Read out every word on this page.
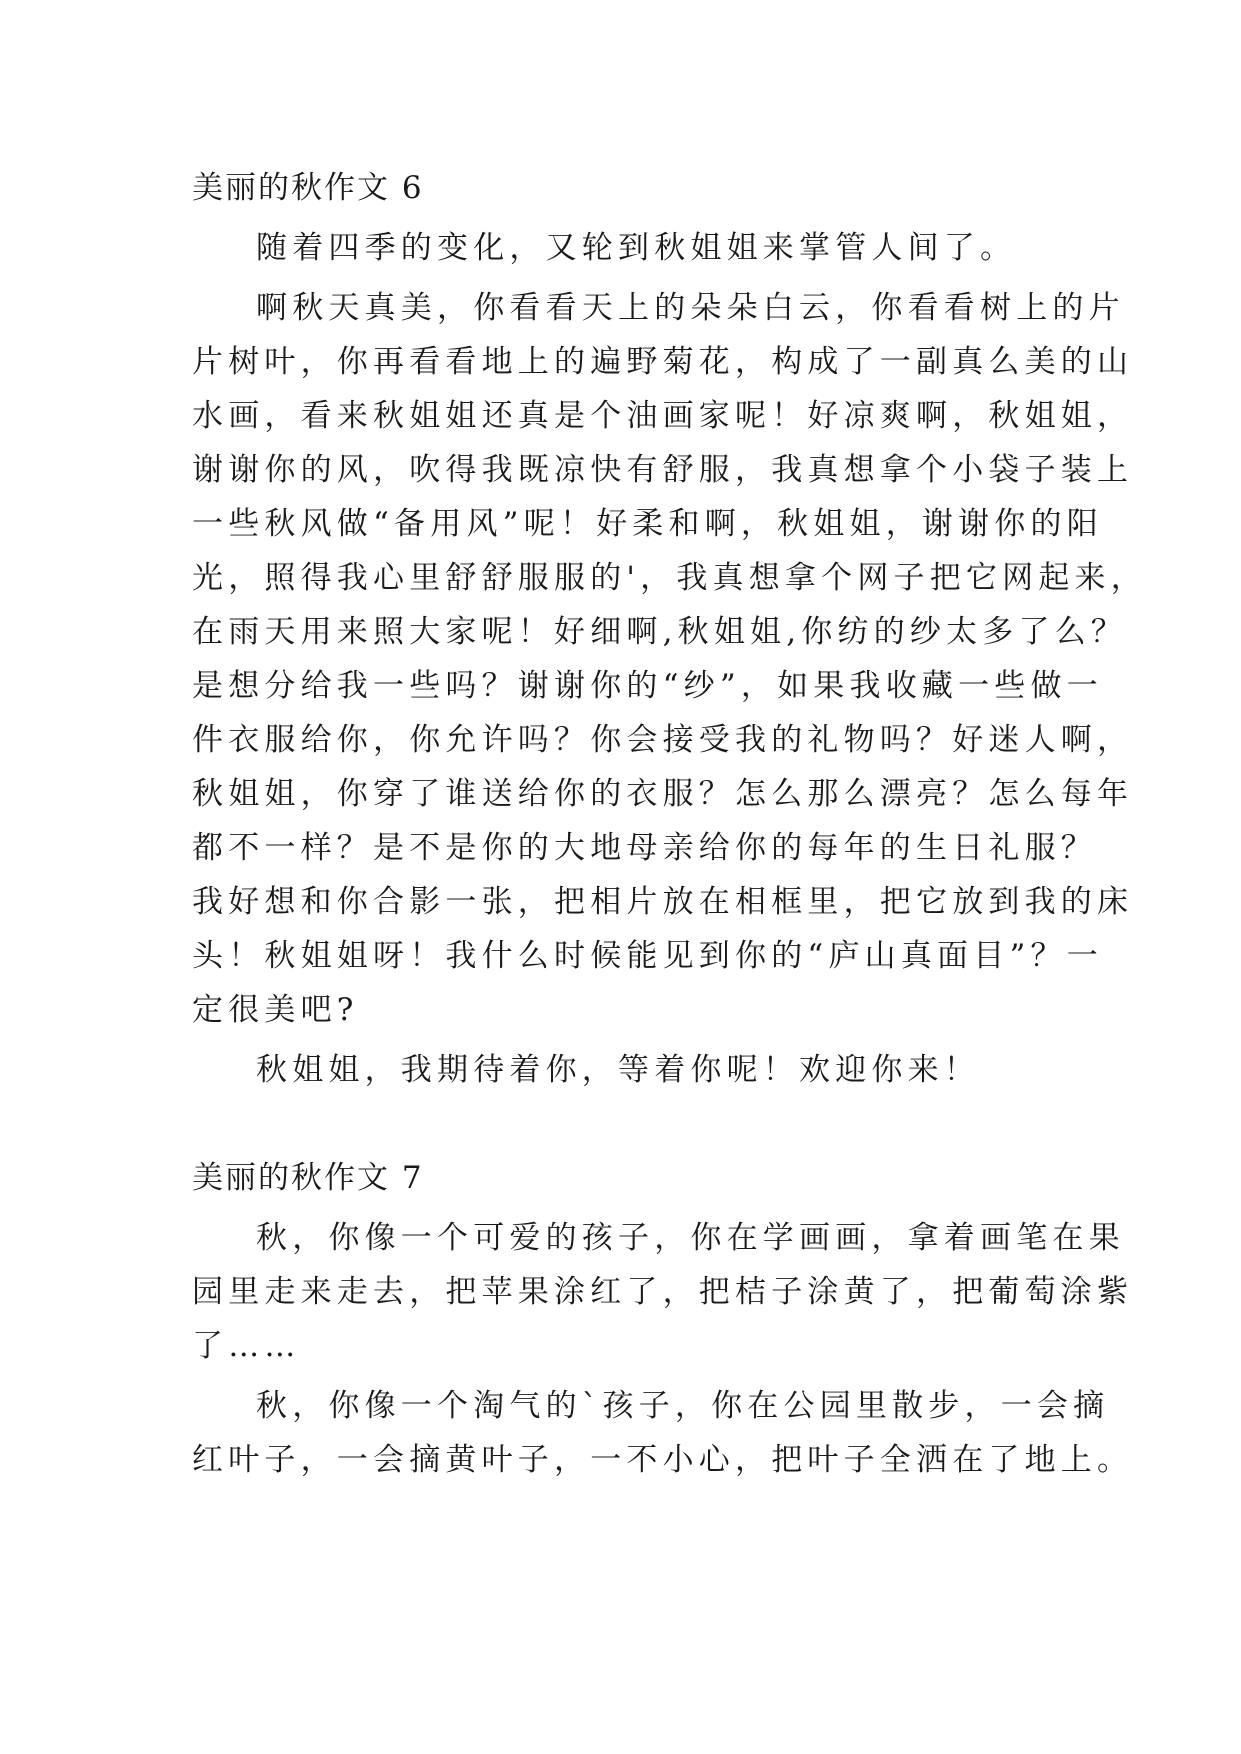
美丽的秋作文 6
随着四季的变化，又轮到秋姐姐来掌管人间了。
啊秋天真美，你看看天上的朵朵白云，你看看树上的片
片树叶，你再看看地上的遍野菊花，构成了一副真么美的山
水画，看来秋姐姐还真是个油画家呢！好凉爽啊，秋姐姐，
谢谢你的风，吹得我既凉快有舒服，我真想拿个小袋子装上
一些秋风做“备用风”呢！好柔和啊，秋姐姐，谢谢你的阳
光，照得我心里舒舒服服的'，我真想拿个网子把它网起来，
在雨天用来照大家呢！好细啊,秋姐姐,你纺的纱太多了么？
是想分给我一些吗？谢谢你的“纱”，如果我收藏一些做一
件衣服给你，你允许吗？你会接受我的礼物吗？好迷人啊，
秋姐姐，你穿了谁送给你的衣服？怎么那么漂亮？怎么每年
都不一样？是不是你的大地母亲给你的每年的生日礼服？
我好想和你合影一张，把相片放在相框里，把它放到我的床
头！秋姐姐呀！我什么时候能见到你的“庐山真面目”？一
定很美吧?
秋姐姐，我期待着你，等着你呢！欢迎你来！
美丽的秋作文 7
秋，你像一个可爱的孩子，你在学画画，拿着画笔在果
园里走来走去，把苹果涂红了，把桔子涂黄了，把葡萄涂紫
了……
秋，你像一个淘气的`孩子，你在公园里散步，一会摘
红叶子，一会摘黄叶子，一不小心，把叶子全洒在了地上。
